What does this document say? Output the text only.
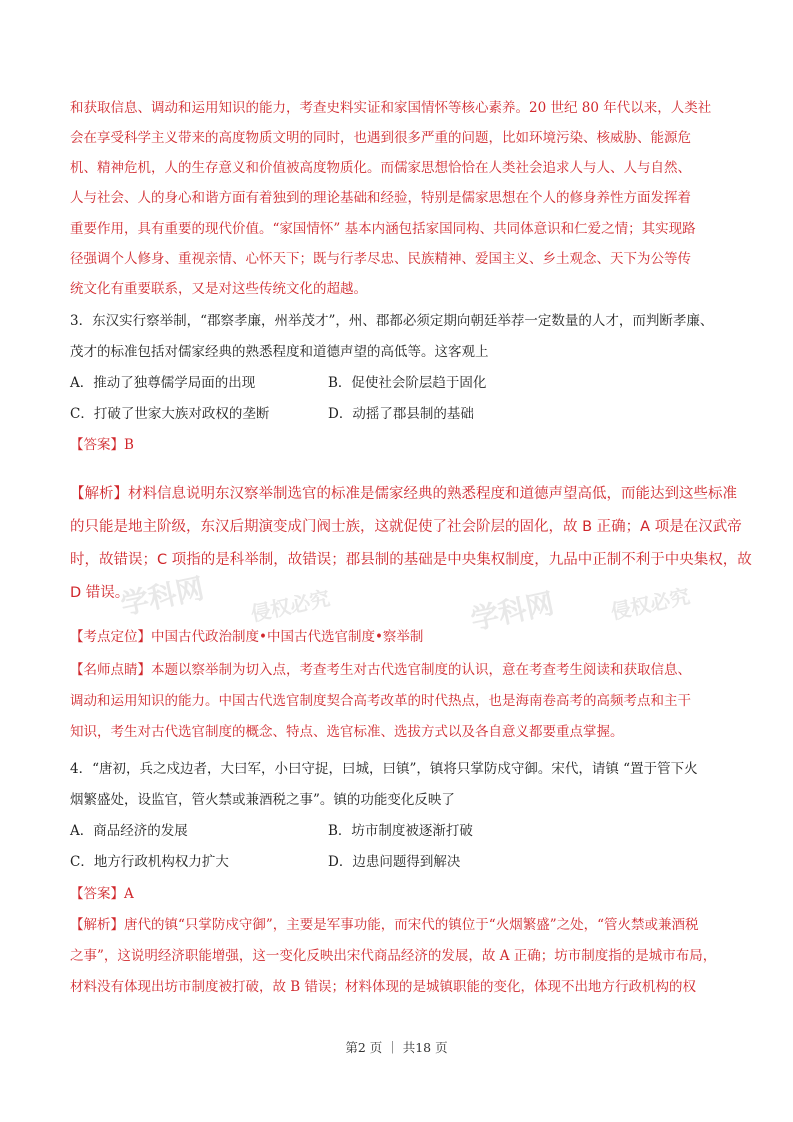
学科网 侵权必究	学科网	侵权必究
和获取信息、调动和运用知识的能力，考查史料实证和家国情怀等核心素养。20 世纪 80 年代以来，人类社
会在享受科学主义带来的高度物质文明的同时，也遇到很多严重的问题，比如环境污染、核威胁、能源危
机、精神危机，人的生存意义和价值被高度物质化。而儒家思想恰恰在人类社会追求人与人、人与自然、
人与社会、人的身心和谐方面有着独到的理论基础和经验，特别是儒家思想在个人的修身养性方面发挥着
重要作用，具有重要的现代价值。“家国情怀” 基本内涵包括家国同构、共同体意识和仁爱之情；其实现路
径强调个人修身、重视亲情、心怀天下；既与行孝尽忠、民族精神、爱国主义、乡土观念、天下为公等传
统文化有重要联系，又是对这些传统文化的超越。
3．东汉实行察举制，“郡察孝廉，州举茂才”，州、郡都必须定期向朝廷举荐一定数量的人才，而判断孝廉、
茂才的标准包括对儒家经典的熟悉程度和道德声望的高低等。这客观上
A．推动了独尊儒学局面的出现	B．促使社会阶层趋于固化
C．打破了世家大族对政权的垄断	D．动摇了郡县制的基础
【答案】B
【解析】材料信息说明东汉察举制选官的标准是儒家经典的熟悉程度和道德声望高低，而能达到这些标准
的只能是地主阶级，东汉后期演变成门阀士族，这就促使了社会阶层的固化，故 B 正确；A 项是在汉武帝
时，故错误；C 项指的是科举制，故错误；郡县制的基础是中央集权制度，九品中正制不利于中央集权，故
D 错误。
【考点定位】中国古代政治制度•中国古代选官制度•察举制
【名师点睛】本题以察举制为切入点，考查考生对古代选官制度的认识，意在考查考生阅读和获取信息、
调动和运用知识的能力。中国古代选官制度契合高考改革的时代热点，也是海南卷高考的高频考点和主干
知识，考生对古代选官制度的概念、特点、选官标准、选拔方式以及各自意义都要重点掌握。
4．“唐初，兵之戍边者，大曰军，小曰守捉，曰城，曰镇”，镇将只掌防戍守御。宋代，请镇 “置于管下火
烟繁盛处，设监官，管火禁或兼酒税之事”。镇的功能变化反映了
A．商品经济的发展	B．坊市制度被逐渐打破
C．地方行政机构权力扩大	D．边患问题得到解决
【答案】A
【解析】唐代的镇“只掌防戍守御”，主要是军事功能，而宋代的镇位于“火烟繁盛”之处，“管火禁或兼酒税
之事”，这说明经济职能增强，这一变化反映出宋代商品经济的发展，故 A 正确；坊市制度指的是城市布局，
材料没有体现出坊市制度被打破，故 B 错误；材料体现的是城镇职能的变化，体现不出地方行政机构的权
第2 页 ｜ 共18 页
